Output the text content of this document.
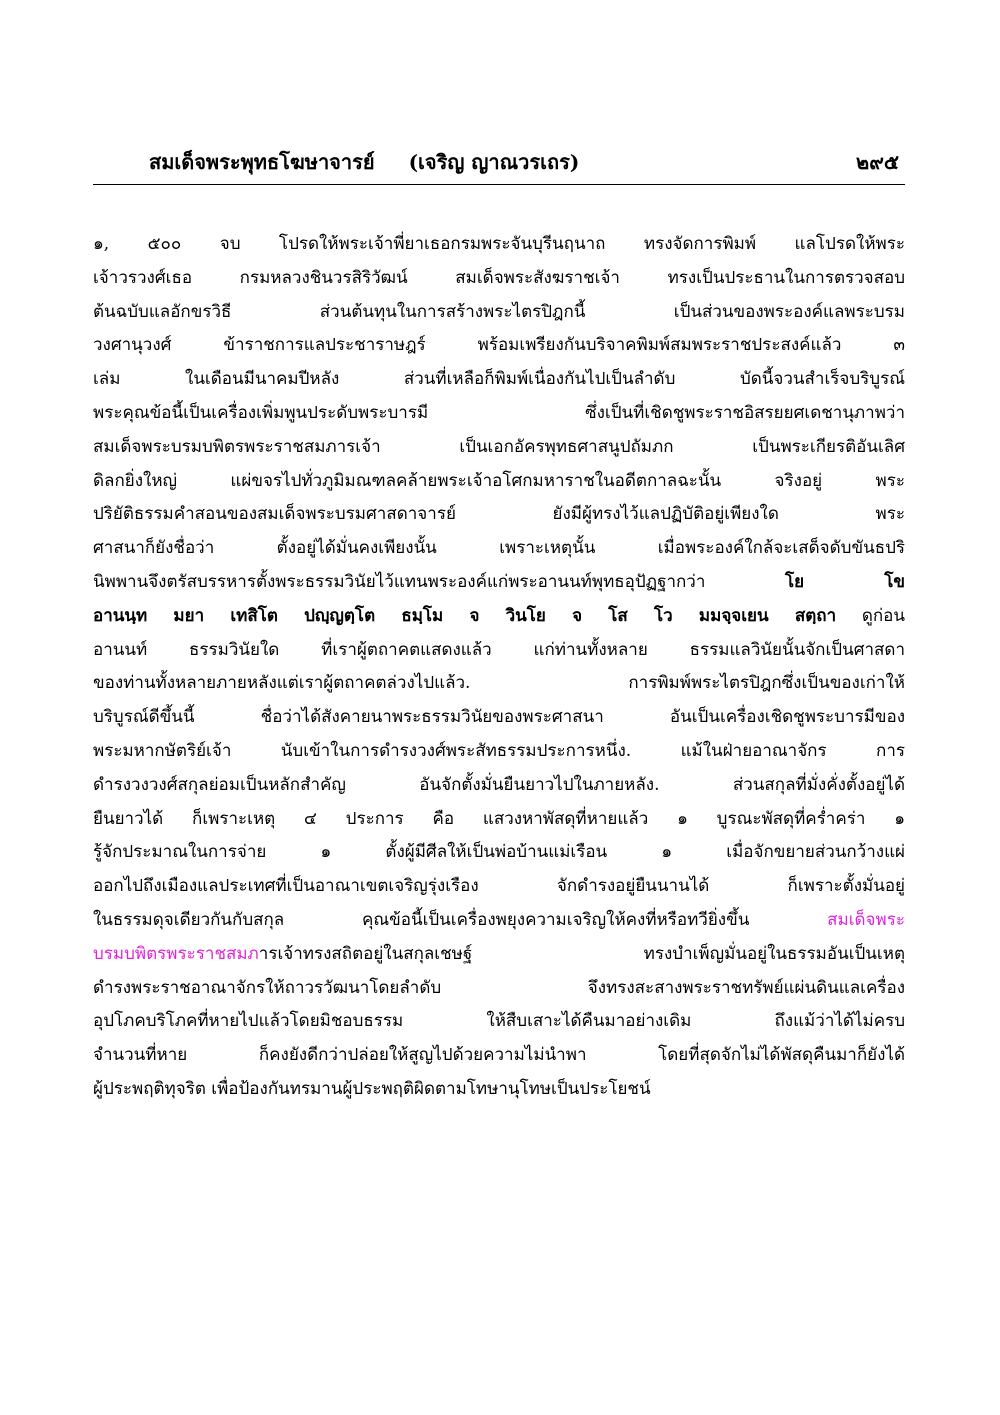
สมเด็จพระพุทธโฆษาจารย์ (เจริญ ญาณวรเถร)	๒๙๕
๑, ๕๐๐ จบ โปรดให้พระเจ้าพี่ยาเธอกรมพระจันบุรีนฤนาถ ทรงจัดการพิมพ์ แลโปรดให้พระ
เจ้าวรวงศ์เธอ กรมหลวงชินวรสิริวัฒน์ สมเด็จพระสังฆราชเจ้า ทรงเป็นประธานในการตรวจสอบ
ต้นฉบับแลอักขรวิธี ส่วนต้นทุนในการสร้างพระไตรปิฎกนี้ เป็นส่วนของพระองค์แลพระบรม
วงศานุวงศ์ ข้าราชการแลประชาราษฎร์ พร้อมเพรียงกันบริจาคพิมพ์สมพระราชประสงค์แล้ว ๓
เล่ม ในเดือนมีนาคมปีหลัง ส่วนที่เหลือก็พิมพ์เนื่องกันไปเป็นลำดับ บัดนี้จวนสำเร็จบริบูรณ์
พระคุณข้อนี้เป็นเครื่องเพิ่มพูนประดับพระบารมี ซึ่งเป็นที่เชิดชูพระราชอิสรยยศเดชานุภาพว่า
สมเด็จพระบรมบพิตรพระราชสมภารเจ้า เป็นเอกอัครพุทธศาสนูปถัมภก เป็นพระเกียรติอันเลิศ
ดิลกยิ่งใหญ่ แผ่ขจรไปทั่วภูมิมณฑลคล้ายพระเจ้าอโศกมหาราชในอดีตกาลฉะนั้น จริงอยู่ พระ
ปริยัติธรรมคำสอนของสมเด็จพระบรมศาสดาจารย์ ยังมีผู้ทรงไว้แลปฏิบัติอยู่เพียงใด พระ
ศาสนาก็ยังชื่อว่า ตั้งอยู่ได้มั่นคงเพียงนั้น เพราะเหตุนั้น เมื่อพระองค์ใกล้จะเสด็จดับขันธปริ
นิพพานจึงตรัสบรรหารตั้งพระธรรมวินัยไว้แทนพระองค์แก่พระอานนท์พุทธอุปัฏฐากว่า	โย โข
อานนฺท มยา เทสิโต ปญฺญตฺโต ธมฺโม จ วินโย จ โส โว มมจฺจเยน สตฺถา ดูก่อน
อานนท์ ธรรมวินัยใด ที่เราผู้ตถาคตแสดงแล้ว แก่ท่านทั้งหลาย ธรรมแลวินัยนั้นจักเป็นศาสดา
ของท่านทั้งหลายภายหลังแต่เราผู้ตถาคตล่วงไปแล้ว. การพิมพ์พระไตรปิฎกซึ่งเป็นของเก่าให้
บริบูรณ์ดีขึ้นนี้ ชื่อว่าได้สังคายนาพระธรรมวินัยของพระศาสนา อันเป็นเครื่องเชิดชูพระบารมีของ
พระมหากษัตริย์เจ้า นับเข้าในการดำรงวงศ์พระสัทธรรมประการหนึ่ง. แม้ในฝ่ายอาณาจักร การ
ดำรงวงวงศ์สกุลย่อมเป็นหลักสำคัญ อันจักตั้งมั่นยืนยาวไปในภายหลัง. ส่วนสกุลที่มั่งคั่งตั้งอยู่ได้
ยืนยาวได้ ก็เพราะเหตุ ๔ ประการ คือ แสวงหาพัสดุที่หายแล้ว ๑ บูรณะพัสดุที่คร่ำคร่า ๑
รู้จักประมาณในการจ่าย ๑ ตั้งผู้มีศีลให้เป็นพ่อบ้านแม่เรือน ๑ เมื่อจักขยายส่วนกว้างแผ่
ออกไปถึงเมืองแลประเทศที่เป็นอาณาเขตเจริญรุ่งเรือง จักดำรงอยู่ยืนนานได้ ก็เพราะตั้งมั่นอยู่
ในธรรมดุจเดียวกันกับสกุล คุณข้อนี้เป็นเครื่องพยุงความเจริญให้คงที่หรือทวียิ่งขึ้น	สมเด็จพระ
บรมบพิตรพระราชสมภารเจ้าทรงสถิตอยู่ในสกุลเชษฐ์ ทรงบำเพ็ญมั่นอยู่ในธรรมอันเป็นเหตุ
ดำรงพระราชอาณาจักรให้ถาวรวัฒนาโดยลำดับ จึงทรงสะสางพระราชทรัพย์แผ่นดินแลเครื่อง
อุปโภคบริโภคที่หายไปแล้วโดยมิชอบธรรม ให้สืบเสาะได้คืนมาอย่างเดิม ถึงแม้ว่าได้ไม่ครบ
จำนวนที่หาย ก็คงยังดีกว่าปล่อยให้สูญไปด้วยความไม่นำพา โดยที่สุดจักไม่ได้พัสดุคืนมาก็ยังได้
ผู้ประพฤติทุจริต เพื่อป้องกันทรมานผู้ประพฤติผิดตามโทษานุโทษเป็นประโยชน์
